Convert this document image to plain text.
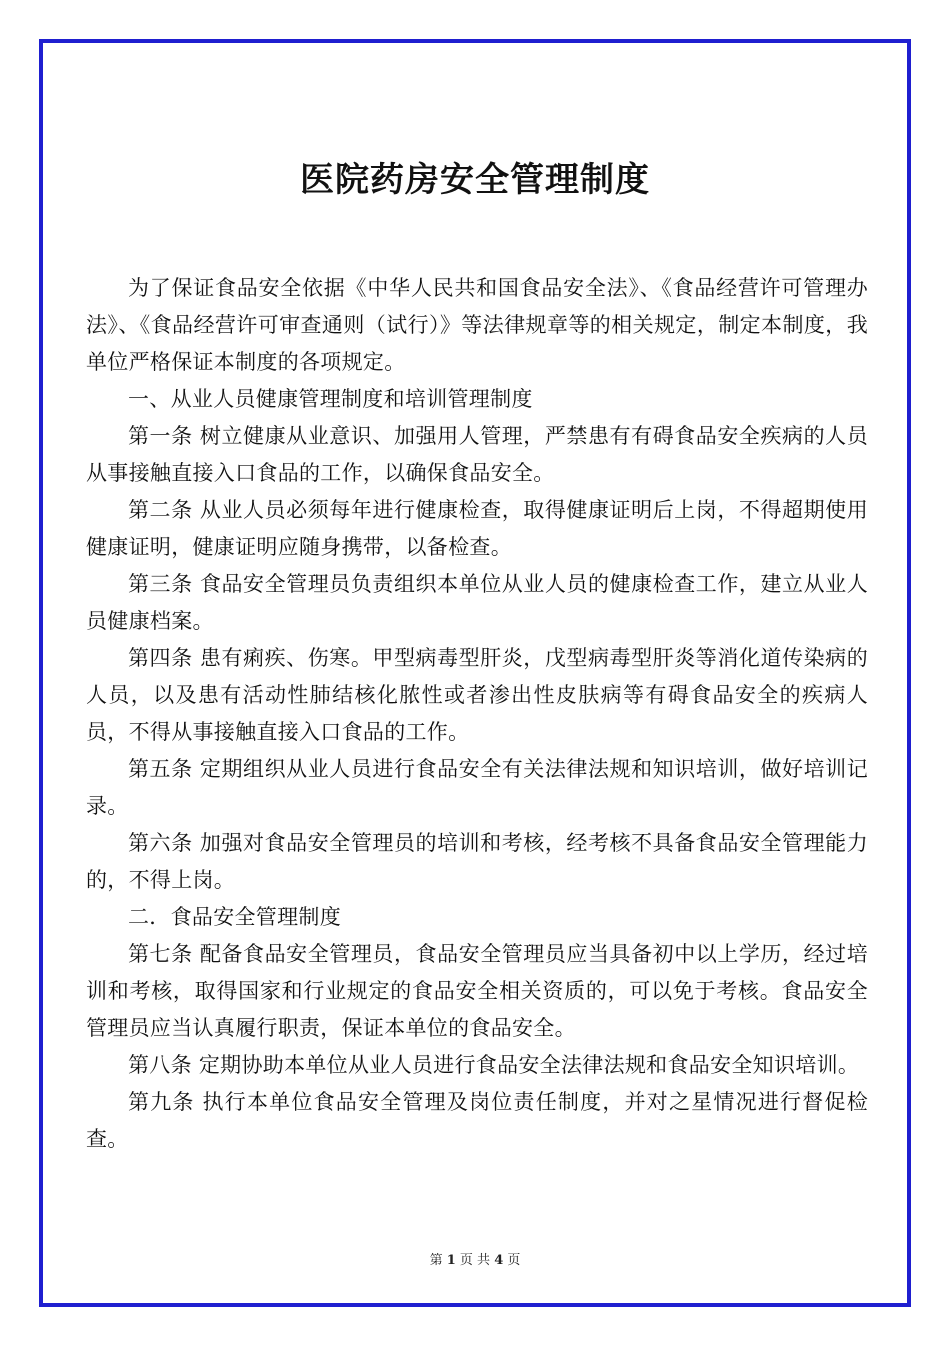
医院药房安全管理制度

为了保证食品安全依据《中华人民共和国食品安全法》、《食品经营许可管理办法》、《食品经营许可审查通则（试行）》等法律规章等的相关规定，制定本制度，我单位严格保证本制度的各项规定。

一、从业人员健康管理制度和培训管理制度

第一条 树立健康从业意识、加强用人管理，严禁患有有碍食品安全疾病的人员从事接触直接入口食品的工作，以确保食品安全。

第二条 从业人员必须每年进行健康检查，取得健康证明后上岗，不得超期使用健康证明，健康证明应随身携带，以备检查。

第三条 食品安全管理员负责组织本单位从业人员的健康检查工作，建立从业人员健康档案。

第四条 患有痢疾、伤寒。甲型病毒型肝炎，戊型病毒型肝炎等消化道传染病的人员，以及患有活动性肺结核化脓性或者渗出性皮肤病等有碍食品安全的疾病人员，不得从事接触直接入口食品的工作。

第五条 定期组织从业人员进行食品安全有关法律法规和知识培训，做好培训记录。

第六条 加强对食品安全管理员的培训和考核，经考核不具备食品安全管理能力的，不得上岗。

二．食品安全管理制度

第七条 配备食品安全管理员，食品安全管理员应当具备初中以上学历，经过培训和考核，取得国家和行业规定的食品安全相关资质的，可以免于考核。食品安全管理员应当认真履行职责，保证本单位的食品安全。

第八条 定期协助本单位从业人员进行食品安全法律法规和食品安全知识培训。

第九条 执行本单位食品安全管理及岗位责任制度，并对之星情况进行督促检查。

第 1 页 共 4 页
